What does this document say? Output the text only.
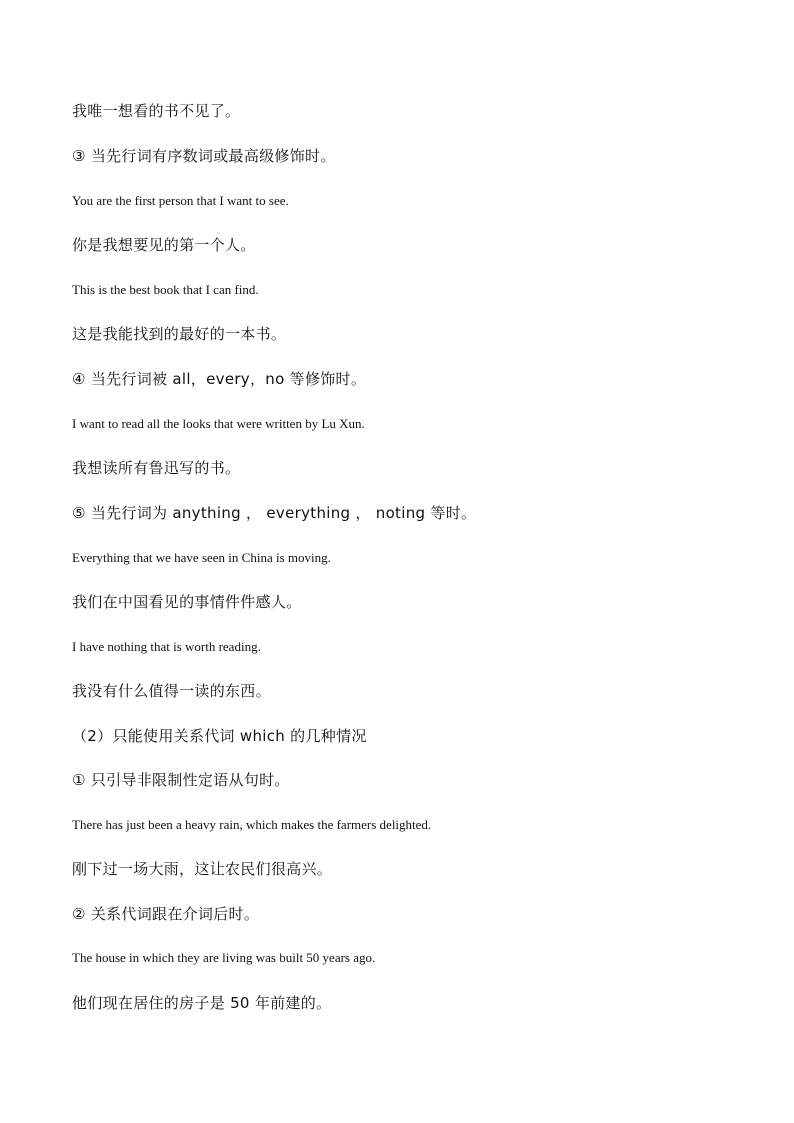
我唯一想看的书不见了。
③ 当先行词有序数词或最高级修饰时。
You are the first person that I want to see.
你是我想要见的第一个人。
This is the best book that I can find.
这是我能找到的最好的一本书。
④ 当先行词被 all，every，no 等修饰时。
I want to read all the looks that were written by Lu Xun.
我想读所有鲁迅写的书。
⑤ 当先行词为 anything ， everything ， noting 等时。
Everything that we have seen in China is moving.
我们在中国看见的事情件件感人。
I have nothing that is worth reading.
我没有什么值得一读的东西。
（2）只能使用关系代词 which 的几种情况
① 只引导非限制性定语从句时。
There has just been a heavy rain, which makes the farmers delighted.
刚下过一场大雨，这让农民们很高兴。
② 关系代词跟在介词后时。
The house in which they are living was built 50 years ago.
他们现在居住的房子是 50 年前建的。
